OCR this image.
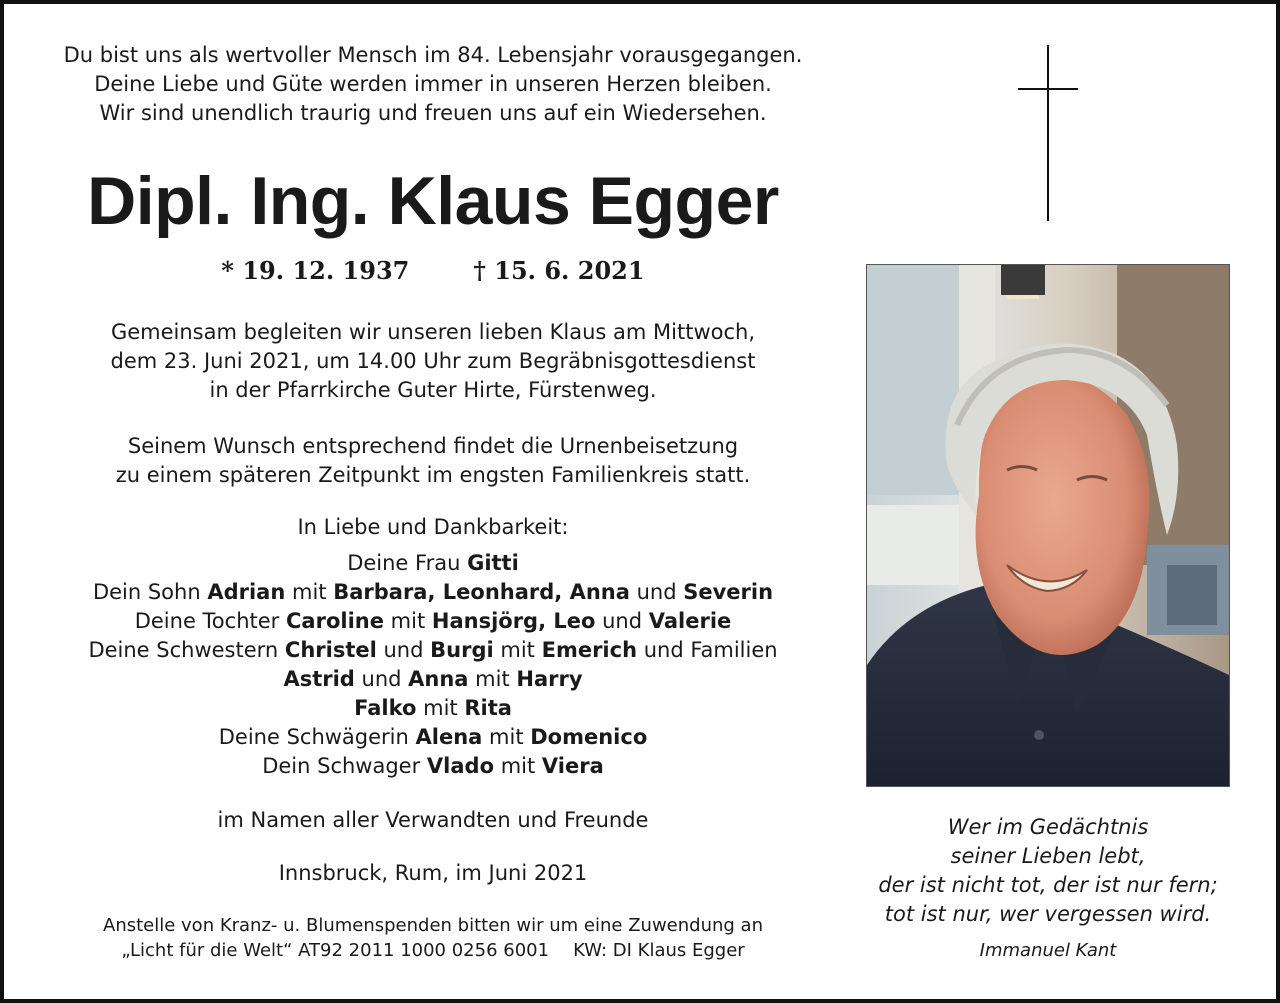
Du bist uns als wertvoller Mensch im 84. Lebensjahr vorausgegangen.
Deine Liebe und Güte werden immer in unseren Herzen bleiben.
Wir sind unendlich traurig und freuen uns auf ein Wiedersehen.
Dipl. Ing. Klaus Egger
* 19. 12. 1937	† 15. 6. 2021
Gemeinsam begleiten wir unseren lieben Klaus am Mittwoch,
dem 23. Juni 2021, um 14.00 Uhr zum Begräbnisgottesdienst
in der Pfarrkirche Guter Hirte, Fürstenweg.
Seinem Wunsch entsprechend findet die Urnenbeisetzung
zu einem späteren Zeitpunkt im engsten Familienkreis statt.
In Liebe und Dankbarkeit:
Deine Frau Gitti
Dein Sohn Adrian mit Barbara, Leonhard, Anna und Severin
Deine Tochter Caroline mit Hansjörg, Leo und Valerie
Deine Schwestern Christel und Burgi mit Emerich und Familien
Astrid und Anna mit Harry
Falko mit Rita
Deine Schwägerin Alena mit Domenico
Dein Schwager Vlado mit Viera
im Namen aller Verwandten und Freunde
Innsbruck, Rum, im Juni 2021
Anstelle von Kranz- u. Blumenspenden bitten wir um eine Zuwendung an
„Licht für die Welt“ AT92 2011 1000 0256 6001 KW: DI Klaus Egger
Wer im Gedächtnis
seiner Lieben lebt,
der ist nicht tot, der ist nur fern;
tot ist nur, wer vergessen wird.
Immanuel Kant
